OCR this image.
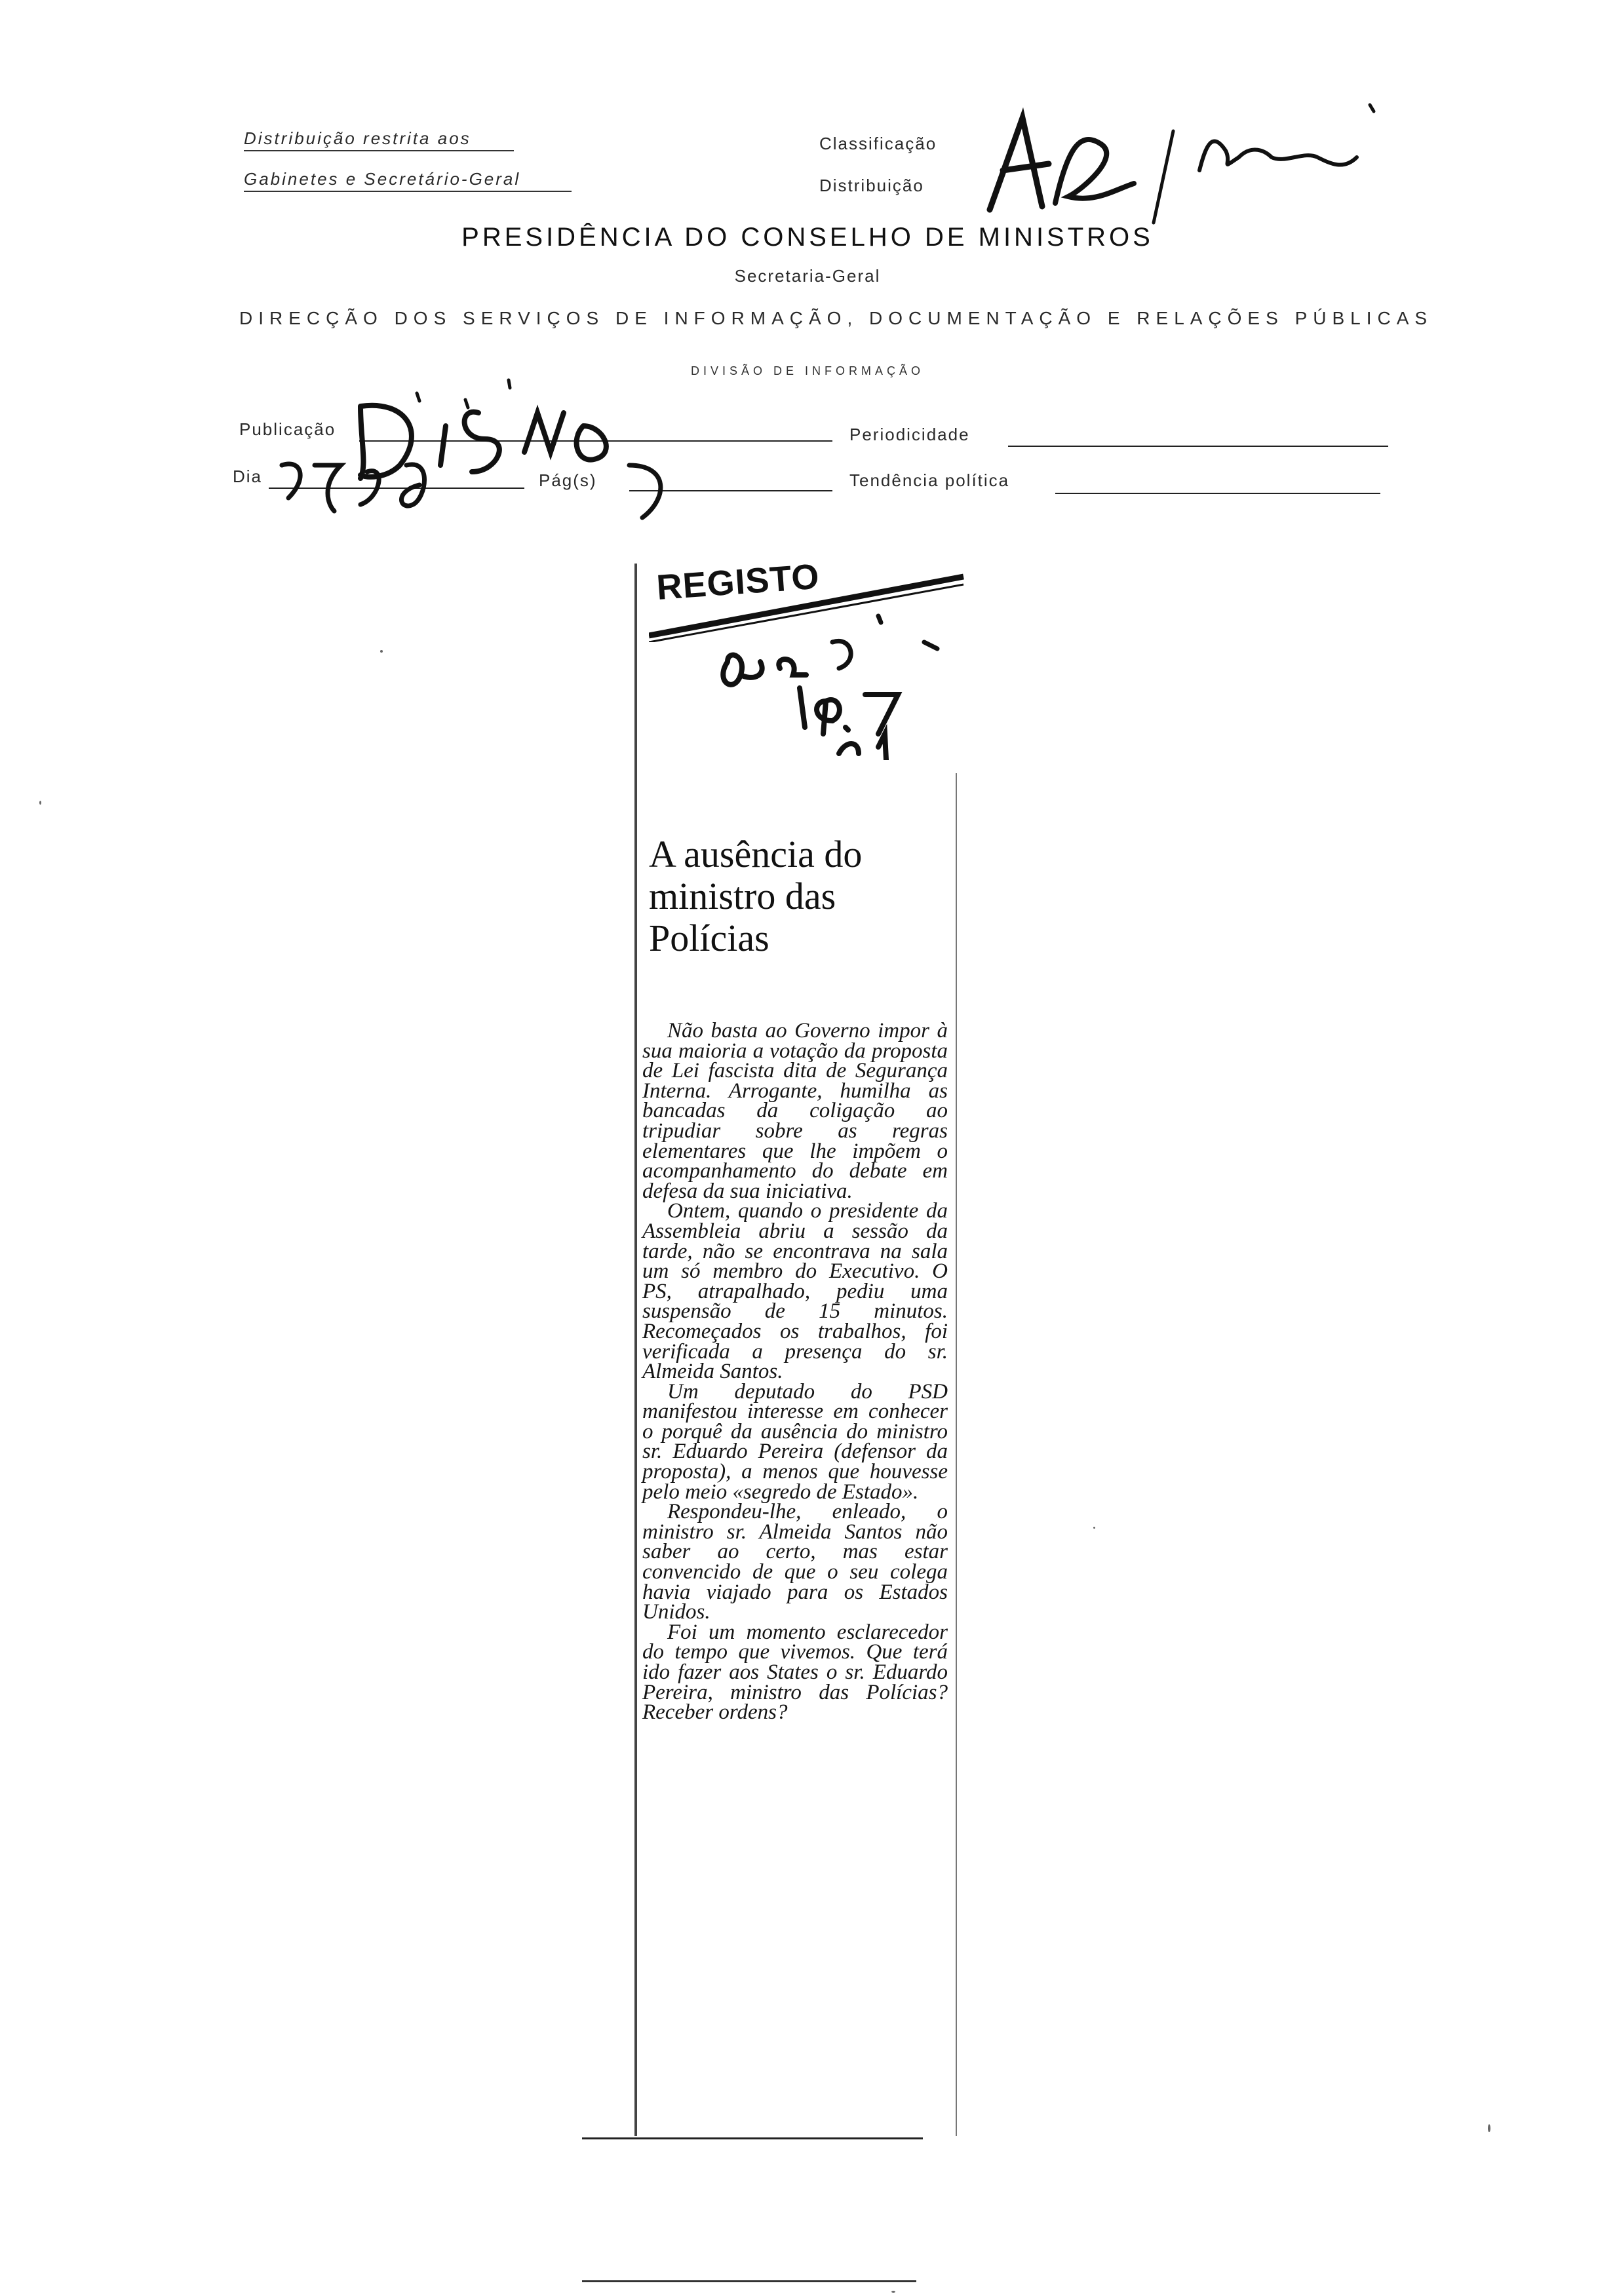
Distribuição restrita aos
Gabinetes e Secretário-Geral
Classificação
Distribuição
PRESIDÊNCIA DO CONSELHO DE MINISTROS
Secretaria-Geral
DIRECÇÃO DOS SERVIÇOS DE INFORMAÇÃO, DOCUMENTAÇÃO E RELAÇÕES PÚBLICAS
DIVISÃO DE INFORMAÇÃO
Publicação	Periodicidade
Dia	Pág(s)	Tendência política
REGISTO
A ausência do ministro das Polícias

Não basta ao Governo impor à sua maioria a votação da proposta de Lei fascista dita de Segurança Interna. Arrogante, humilha as bancadas da coligação ao tripudiar sobre as regras elementares que lhe impõem o acompanhamento do debate em defesa da sua iniciativa.

Ontem, quando o presidente da Assembleia abriu a sessão da tarde, não se encontrava na sala um só membro do Executivo. O PS, atrapalhado, pediu uma suspensão de 15 minutos. Recomeçados os trabalhos, foi verificada a presença do sr. Almeida Santos.

Um deputado do PSD manifestou interesse em conhecer o porquê da ausência do ministro sr. Eduardo Pereira (defensor da proposta), a menos que houvesse pelo meio «segredo de Estado».

Respondeu-lhe, enleado, o ministro sr. Almeida Santos não saber ao certo, mas estar convencido de que o seu colega havia viajado para os Estados Unidos.

Foi um momento esclarecedor do tempo que vivemos. Que terá ido fazer aos States o sr. Eduardo Pereira, ministro das Polícias? Receber ordens?
